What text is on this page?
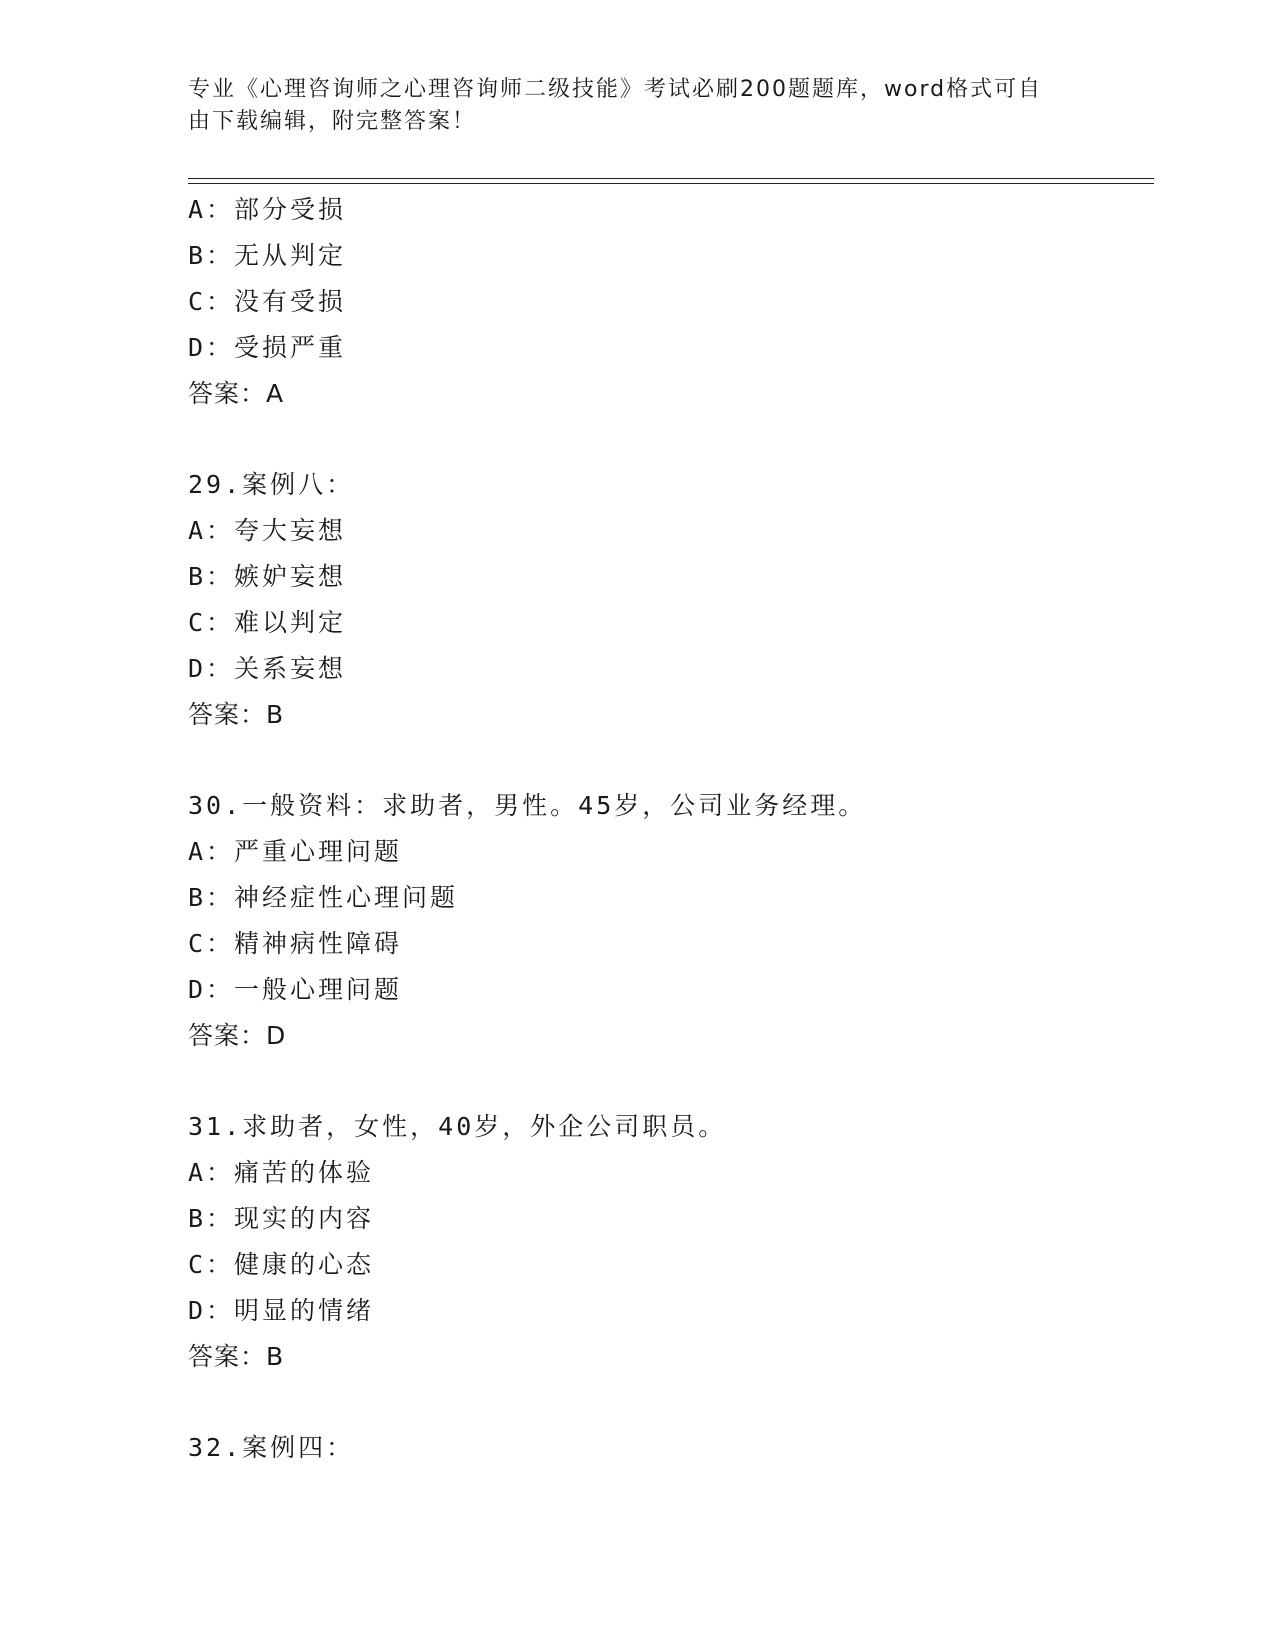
专业《心理咨询师之心理咨询师二级技能》考试必刷200题题库，word格式可自
由下载编辑，附完整答案！
A：部分受损
B：无从判定
C：没有受损
D：受损严重
答案：A
29.案例八：
A：夸大妄想
B：嫉妒妄想
C：难以判定
D：关系妄想
答案：B
30.一般资料：求助者，男性。45岁，公司业务经理。
A：严重心理问题
B：神经症性心理问题
C：精神病性障碍
D：一般心理问题
答案：D
31.求助者，女性，40岁，外企公司职员。
A：痛苦的体验
B：现实的内容
C：健康的心态
D：明显的情绪
答案：B
32.案例四：
